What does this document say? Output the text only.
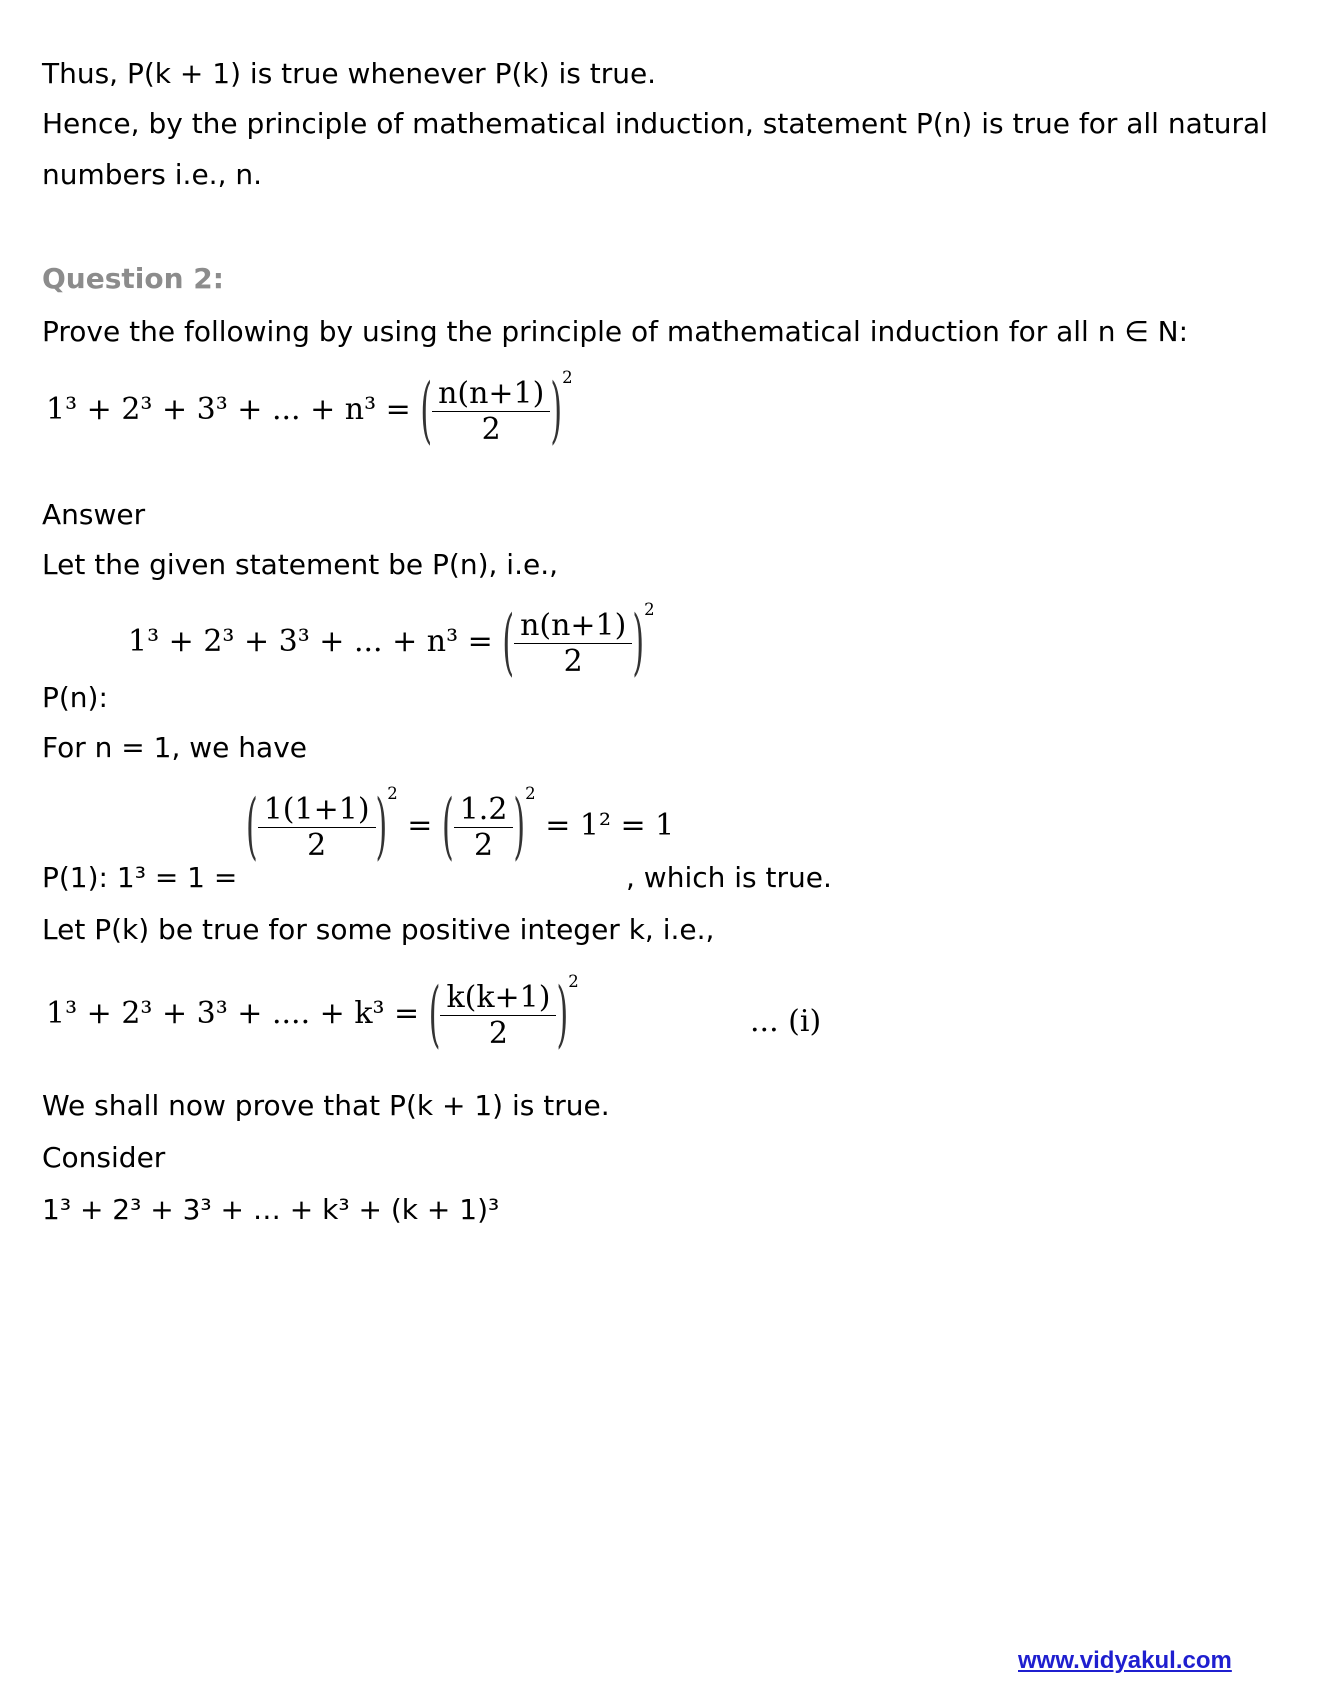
Thus, P(k + 1) is true whenever P(k) is true.
Hence, by the principle of mathematical induction, statement P(n) is true for all natural
numbers i.e., n.
Question 2:
Prove the following by using the principle of mathematical induction for all n ∈ N:
1³ + 2³ + 3³ + ... + n³ = ( $\frac{n(n+1)}{2} )^2$
Answer
Let the given statement be P(n), i.e.,
1³ + 2³ + 3³ + ... + n³ = ( $\frac{n(n+1)}{2} )^2$
P(n):
For n = 1, we have
( $\frac{1(1+1)}{2} )^2$ = ( $\frac{1.2}{2} )^2 = 1^2 = 1$
P(1): 1³ = 1 =	, which is true.
Let P(k) be true for some positive integer k, i.e.,
1³ + 2³ + 3³ + .... + k³ = ( $\frac{k(k+1)}{2} )^2$
... (i)
We shall now prove that P(k + 1) is true.
Consider
1³ + 2³ + 3³ + … + k³ + (k + 1)³
www.vidyakul.com
